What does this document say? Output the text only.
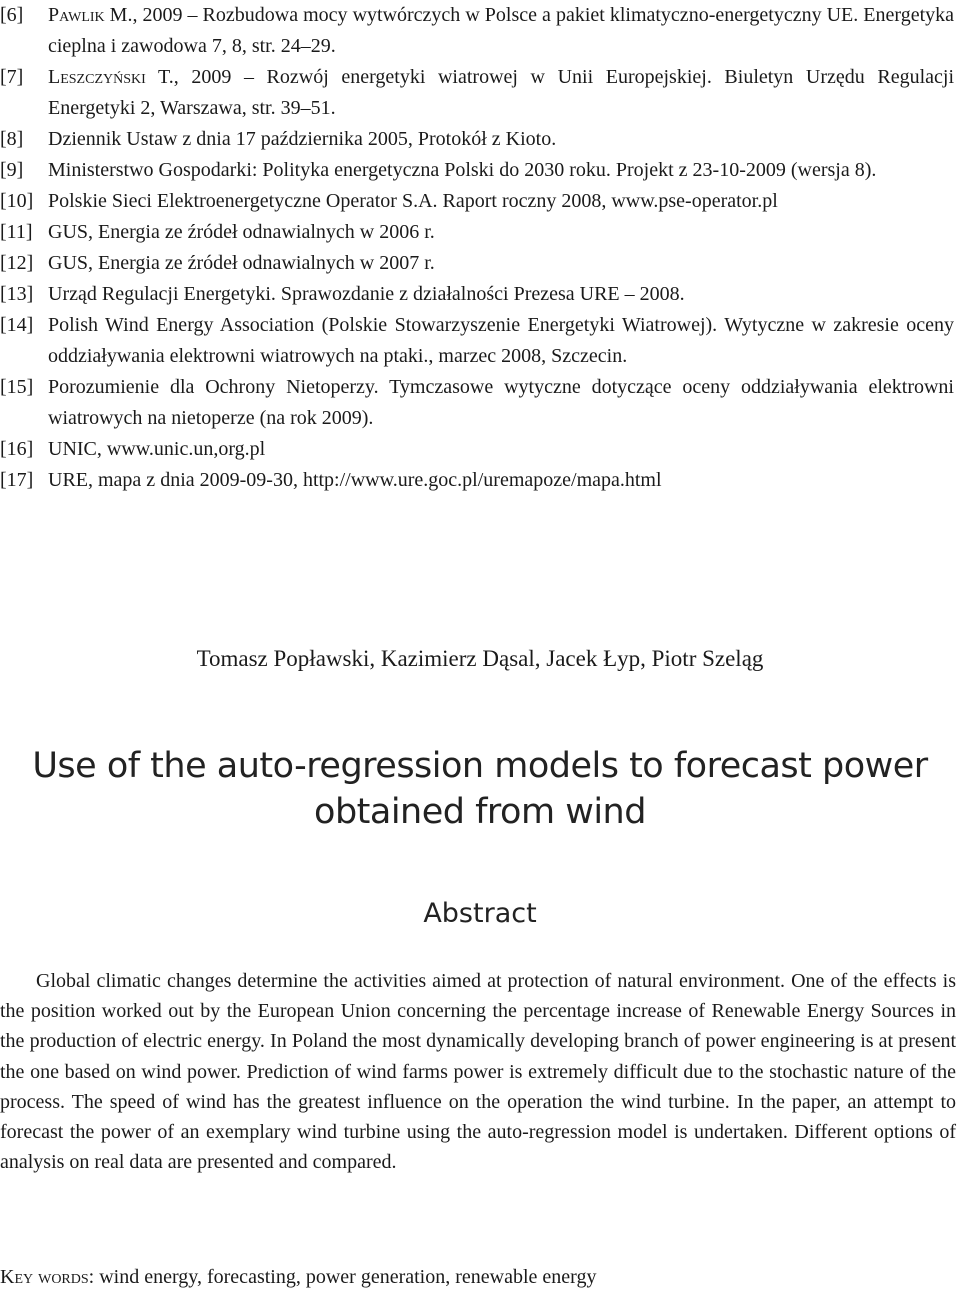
[6]	Pawlik M., 2009 – Rozbudowa mocy wytwórczych w Polsce a pakiet klimatyczno-energetyczny UE. Energetyka cieplna i zawodowa 7, 8, str. 24–29.
[7]	Leszczyński T., 2009 – Rozwój energetyki wiatrowej w Unii Europejskiej. Biuletyn Urzędu Regulacji Energetyki 2, Warszawa, str. 39–51.
[8]	Dziennik Ustaw z dnia 17 października 2005, Protokół z Kioto.
[9]	Ministerstwo Gospodarki: Polityka energetyczna Polski do 2030 roku. Projekt z 23-10-2009 (wersja 8).
[10] Polskie Sieci Elektroenergetyczne Operator S.A. Raport roczny 2008, www.pse-operator.pl
[11] GUS, Energia ze źródeł odnawialnych w 2006 r.
[12] GUS, Energia ze źródeł odnawialnych w 2007 r.
[13] Urząd Regulacji Energetyki. Sprawozdanie z działalności Prezesa URE – 2008.
[14] Polish Wind Energy Association (Polskie Stowarzyszenie Energetyki Wiatrowej). Wytyczne w zakresie oceny oddziaływania elektrowni wiatrowych na ptaki., marzec 2008, Szczecin.
[15] Porozumienie dla Ochrony Nietoperzy. Tymczasowe wytyczne dotyczące oceny oddziaływania elektrowni wiatrowych na nietoperze (na rok 2009).
[16] UNIC, www.unic.un,org.pl
[17] URE, mapa z dnia 2009-09-30, http://www.ure.goc.pl/uremapoze/mapa.html
Tomasz Popławski, Kazimierz Dąsal, Jacek Łyp, Piotr Szeląg
Use of the auto-regression models to forecast power
obtained from wind
Abstract
Global climatic changes determine the activities aimed at protection of natural environment. One of the effects is the position worked out by the European Union concerning the percentage increase of Renewable Energy Sources in the production of electric energy. In Poland the most dynamically developing branch of power engineering is at present the one based on wind power. Prediction of wind farms power is extremely difficult due to the stochastic nature of the process. The speed of wind has the greatest influence on the operation the wind turbine. In the paper, an attempt to forecast the power of an exemplary wind turbine using the auto-regression model is undertaken. Different options of analysis on real data are presented and compared.
Key words: wind energy, forecasting, power generation, renewable energy
